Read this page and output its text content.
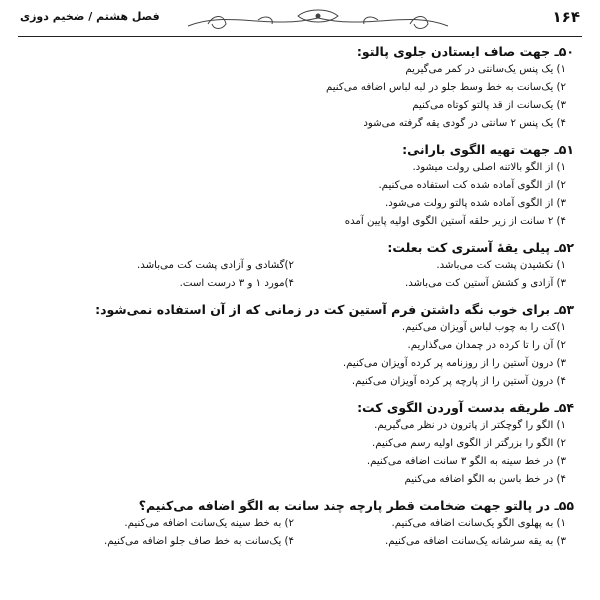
۱۶۴
فصل هشتم / ضخیم دوزی
۵۰ـ جهت صاف ایستادن جلوی پالتو:
۱) یک پنس یک‌سانتی در کمر می‌گیریم
۲) یک‌سانت به خط وسط جلو در لبه لباس اضافه می‌کنیم
۳) یک‌سانت از قد پالتو کوتاه می‌کنیم
۴) یک پنس ۲ سانتی در گودی یقه گرفته می‌شود
۵۱ـ جهت تهیه الگوی بارانی:
۱) از الگو بالاتنه اصلی رولت میشود.
۲) از الگوی آماده شده کت استفاده می‌کنیم.
۳) از الگوی آماده شده پالتو رولت می‌شود.
۴) ۲ سانت از زیر حلقه آستین الگوی اولیه پایین آمده
۵۲ـ پیلی یقهٔ آستری کت بعلت:
۱) نکشیدن پشت کت می‌باشد.
۲)گشادی و آزادی پشت کت می‌باشد.
۳) آزادی و کشش آستین کت می‌باشد.
۴)مورد ۱ و ۳ درست است.
۵۳ـ برای خوب نگه داشتن فرم آستین کت در زمانی که از آن استفاده نمی‌شود:
۱)کت را به چوب لباس آویزان می‌کنیم.
۲) آن را تا کرده در چمدان می‌گذاریم.
۳) درون آستین را از روزنامه پر کرده آویزان می‌کنیم.
۴) درون آستین را از پارچه پر کرده آویزان می‌کنیم.
۵۴ـ طریقه بدست آوردن الگوی کت:
۱) الگو را گوچکتر از پاترون در نظر می‌گیریم.
۲) الگو را بزرگتر از الگوی اولیه رسم می‌کنیم.
۳) در خط سینه به الگو ۳ سانت اضافه می‌کنیم.
۴) در خط باسن به الگو اضافه می‌کنیم
۵۵ـ در پالتو جهت ضخامت قطر پارچه چند سانت به الگو اضافه می‌کنیم؟
۱) به پهلوی الگو یک‌سانت اضافه می‌کنیم.
۲) به خط سینه یک‌سانت اضافه می‌کنیم.
۳) به یقه سرشانه یک‌سانت اضافه می‌کنیم.
۴) یک‌سانت به خط صاف جلو اضافه می‌کنیم.
